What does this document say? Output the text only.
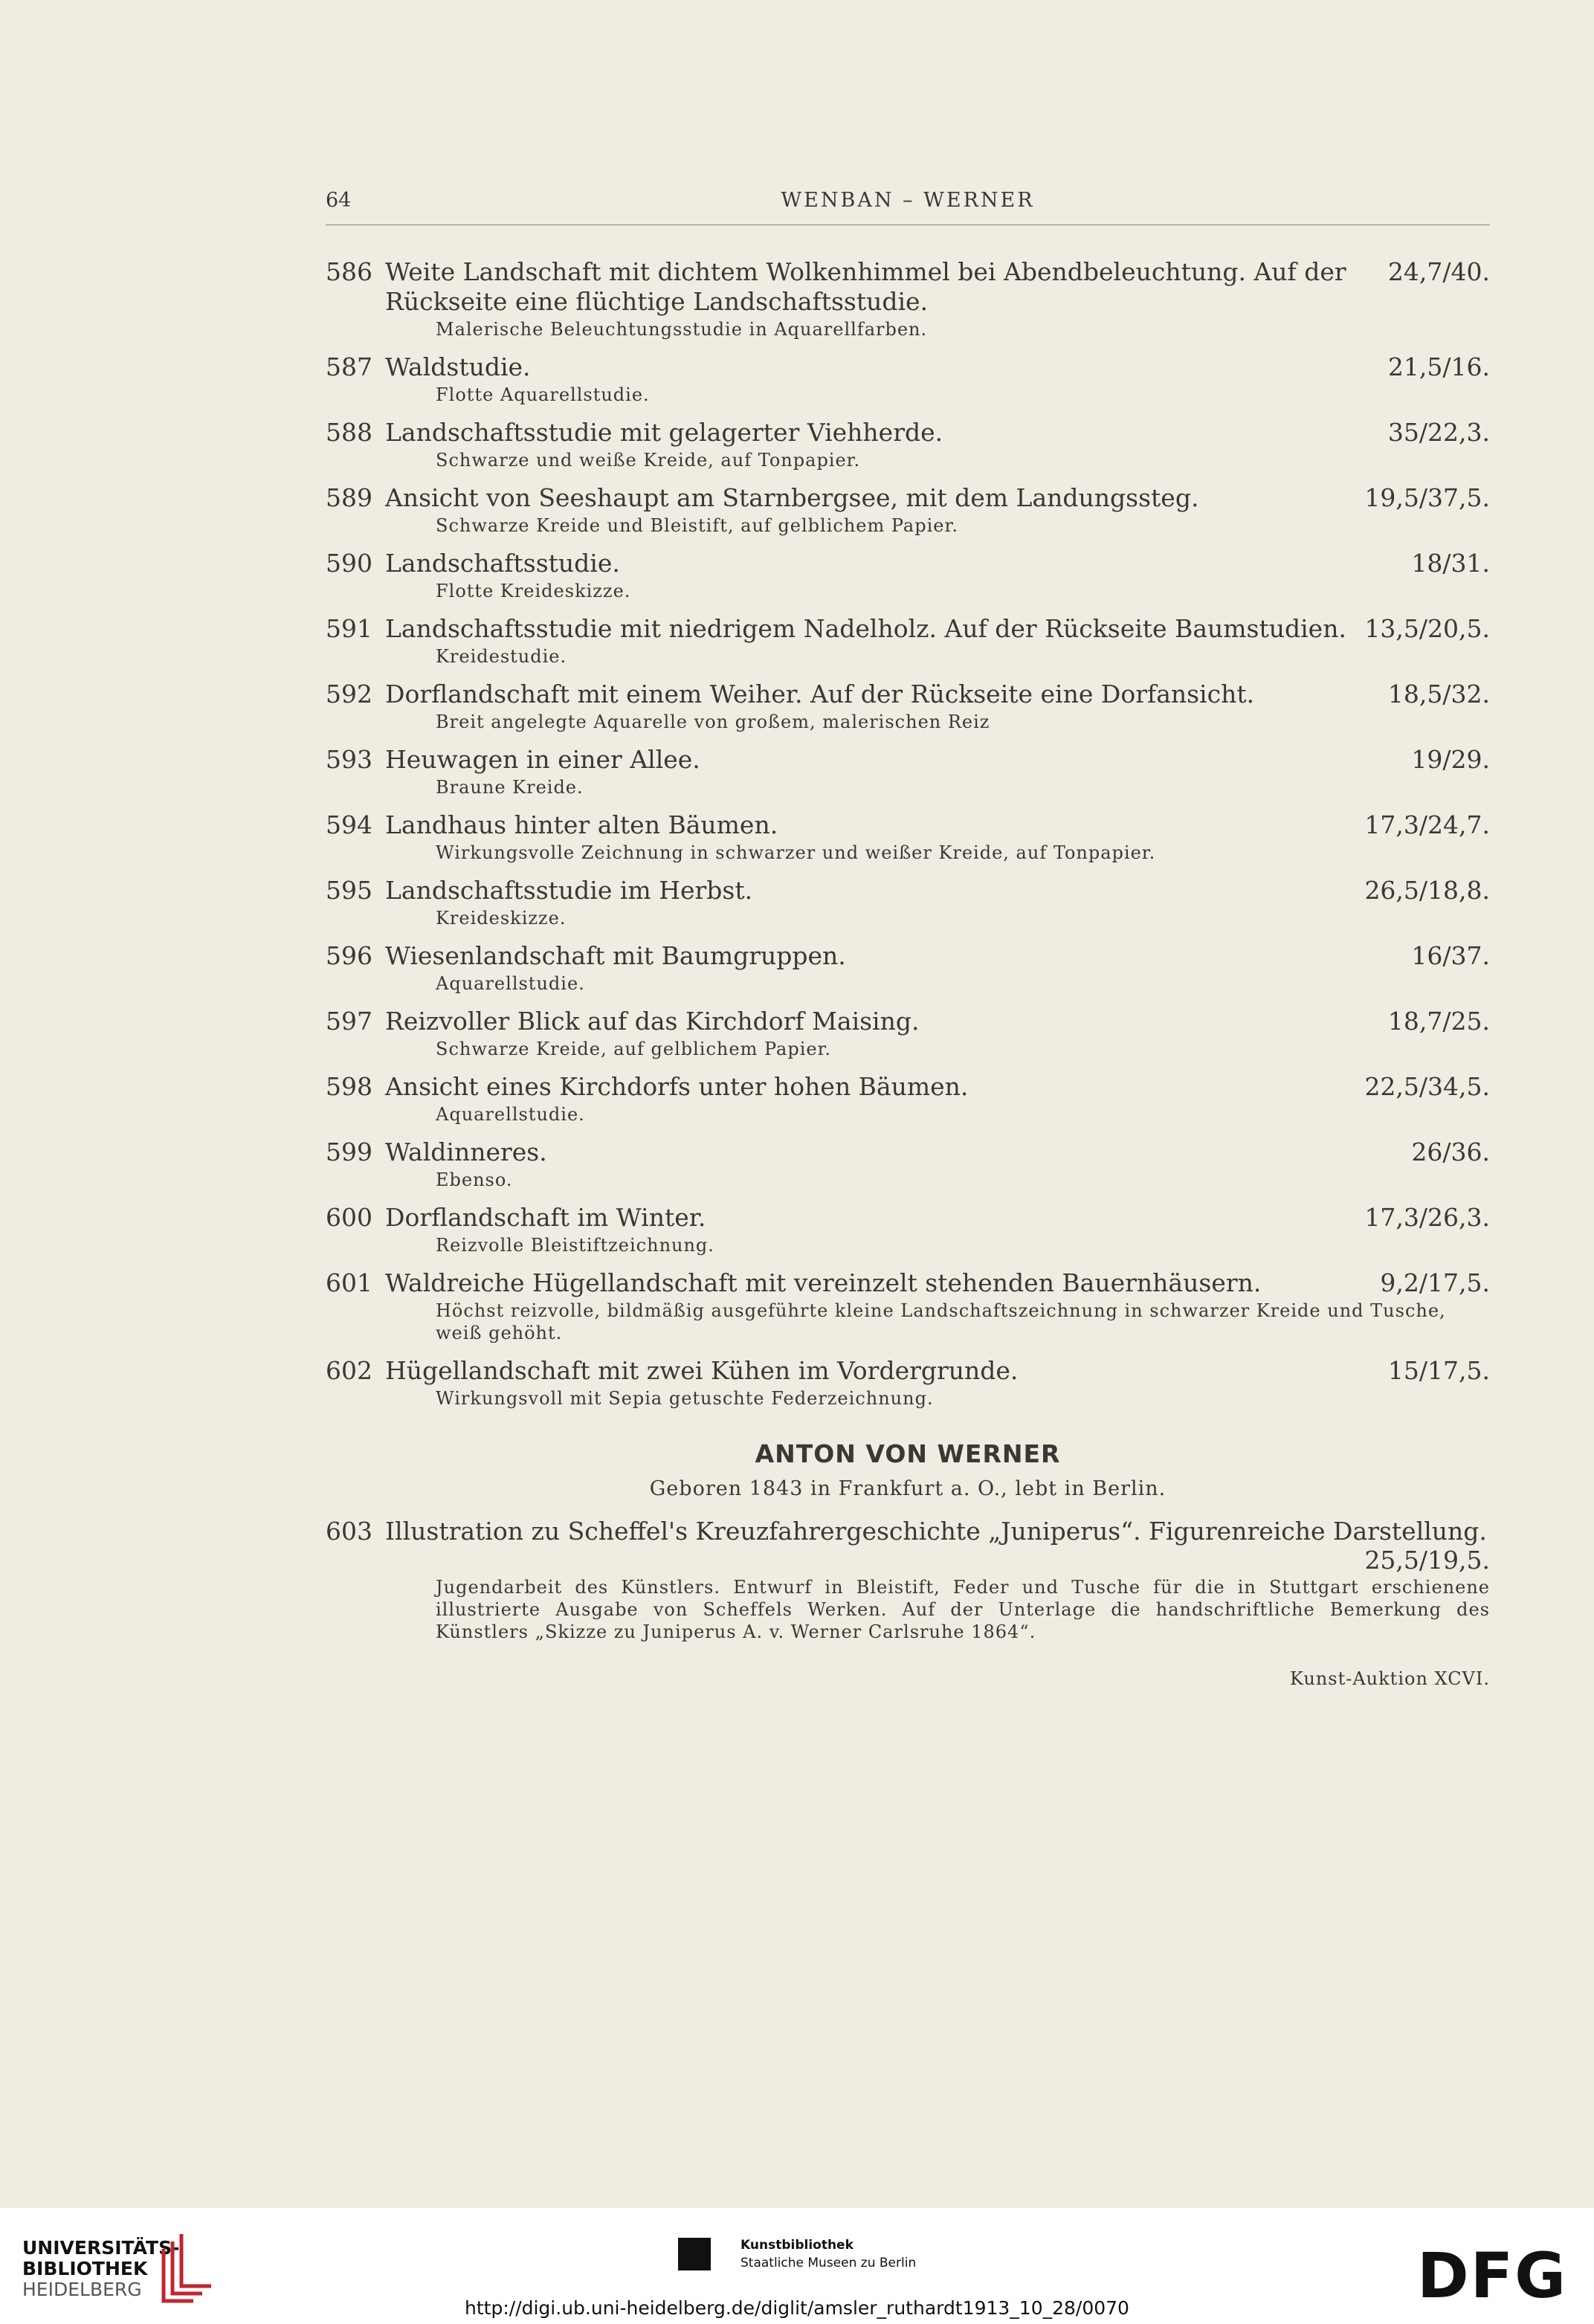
64	WENBAN – WERNER
586 Weite Landschaft mit dichtem Wolkenhimmel bei Abendbeleuchtung. Auf der Rückseite eine flüchtige Landschaftsstudie.
24,7/40.
Malerische Beleuchtungsstudie in Aquarellfarben.
587 Waldstudie.	21,5/16.
Flotte Aquarellstudie.
588 Landschaftsstudie mit gelagerter Viehherde.	35/22,3.
Schwarze und weiße Kreide, auf Tonpapier.
589 Ansicht von Seeshaupt am Starnbergsee, mit dem Landungssteg.	19,5/37,5.
Schwarze Kreide und Bleistift, auf gelblichem Papier.
590 Landschaftsstudie.	18/31.
Flotte Kreideskizze.
591 Landschaftsstudie mit niedrigem Nadelholz. Auf der Rückseite Baumstudien. 13,5/20,5.
Kreidestudie.
592 Dorflandschaft mit einem Weiher. Auf der Rückseite eine Dorfansicht.	18,5/32.
Breit angelegte Aquarelle von großem, malerischen Reiz
593 Heuwagen in einer Allee.	19/29.
Braune Kreide.
594 Landhaus hinter alten Bäumen.	17,3/24,7.
Wirkungsvolle Zeichnung in schwarzer und weißer Kreide, auf Tonpapier.
595 Landschaftsstudie im Herbst.	26,5/18,8.
Kreideskizze.
596 Wiesenlandschaft mit Baumgruppen.	16/37.
Aquarellstudie.
597 Reizvoller Blick auf das Kirchdorf Maising.	18,7/25.
Schwarze Kreide, auf gelblichem Papier.
598 Ansicht eines Kirchdorfs unter hohen Bäumen.	22,5/34,5.
Aquarellstudie.
599 Waldinneres.	26/36.
Ebenso.
600 Dorflandschaft im Winter.	17,3/26,3.
Reizvolle Bleistiftzeichnung.
601 Waldreiche Hügellandschaft mit vereinzelt stehenden Bauernhäusern.	9,2/17,5.
Höchst reizvolle, bildmäßig ausgeführte kleine Landschaftszeichnung in schwarzer Kreide und Tusche, weiß gehöht.
602 Hügellandschaft mit zwei Kühen im Vordergrunde.	15/17,5.
Wirkungsvoll mit Sepia getuschte Federzeichnung.
ANTON VON WERNER
Geboren 1843 in Frankfurt a. O., lebt in Berlin.
603 Illustration zu Scheffel's Kreuzfahrergeschichte „Juniperus“. Figurenreiche Darstellung.
25,5/19,5.
Jugendarbeit des Künstlers. Entwurf in Bleistift, Feder und Tusche für die in Stuttgart erschienene illustrierte Ausgabe von Scheffels Werken. Auf der Unterlage die handschriftliche Bemerkung des Künstlers „Skizze zu Juniperus A. v. Werner Carlsruhe 1864“.
Kunst-Auktion XCVI.
UNIVERSITÄTS-
BIBLIOTHEK
HEIDELBERG
Kunstbibliothek
Staatliche Museen zu Berlin	DFG
http://digi.ub.uni-heidelberg.de/diglit/amsler_ruthardt1913_10_28/0070
